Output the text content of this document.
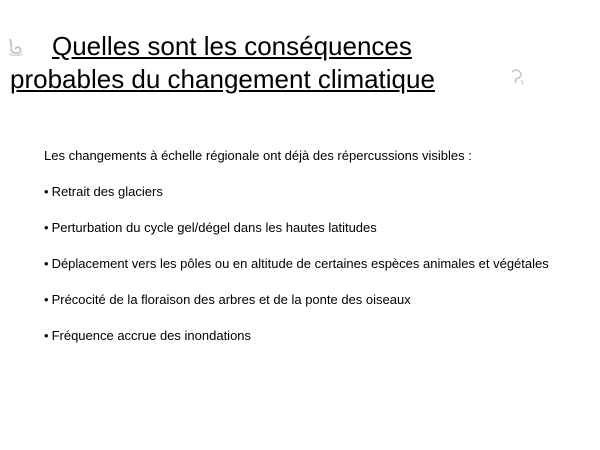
Quelles sont les conséquences

probables du changement climatique

Les changements à échelle régionale ont déjà des répercussions visibles :

• Retrait des glaciers
• Perturbation du cycle gel/dégel dans les hautes latitudes
• Déplacement vers les pôles ou en altitude de certaines espèces animales et végétales
• Précocité de la floraison des arbres et de la ponte des oiseaux
• Fréquence accrue des inondations
